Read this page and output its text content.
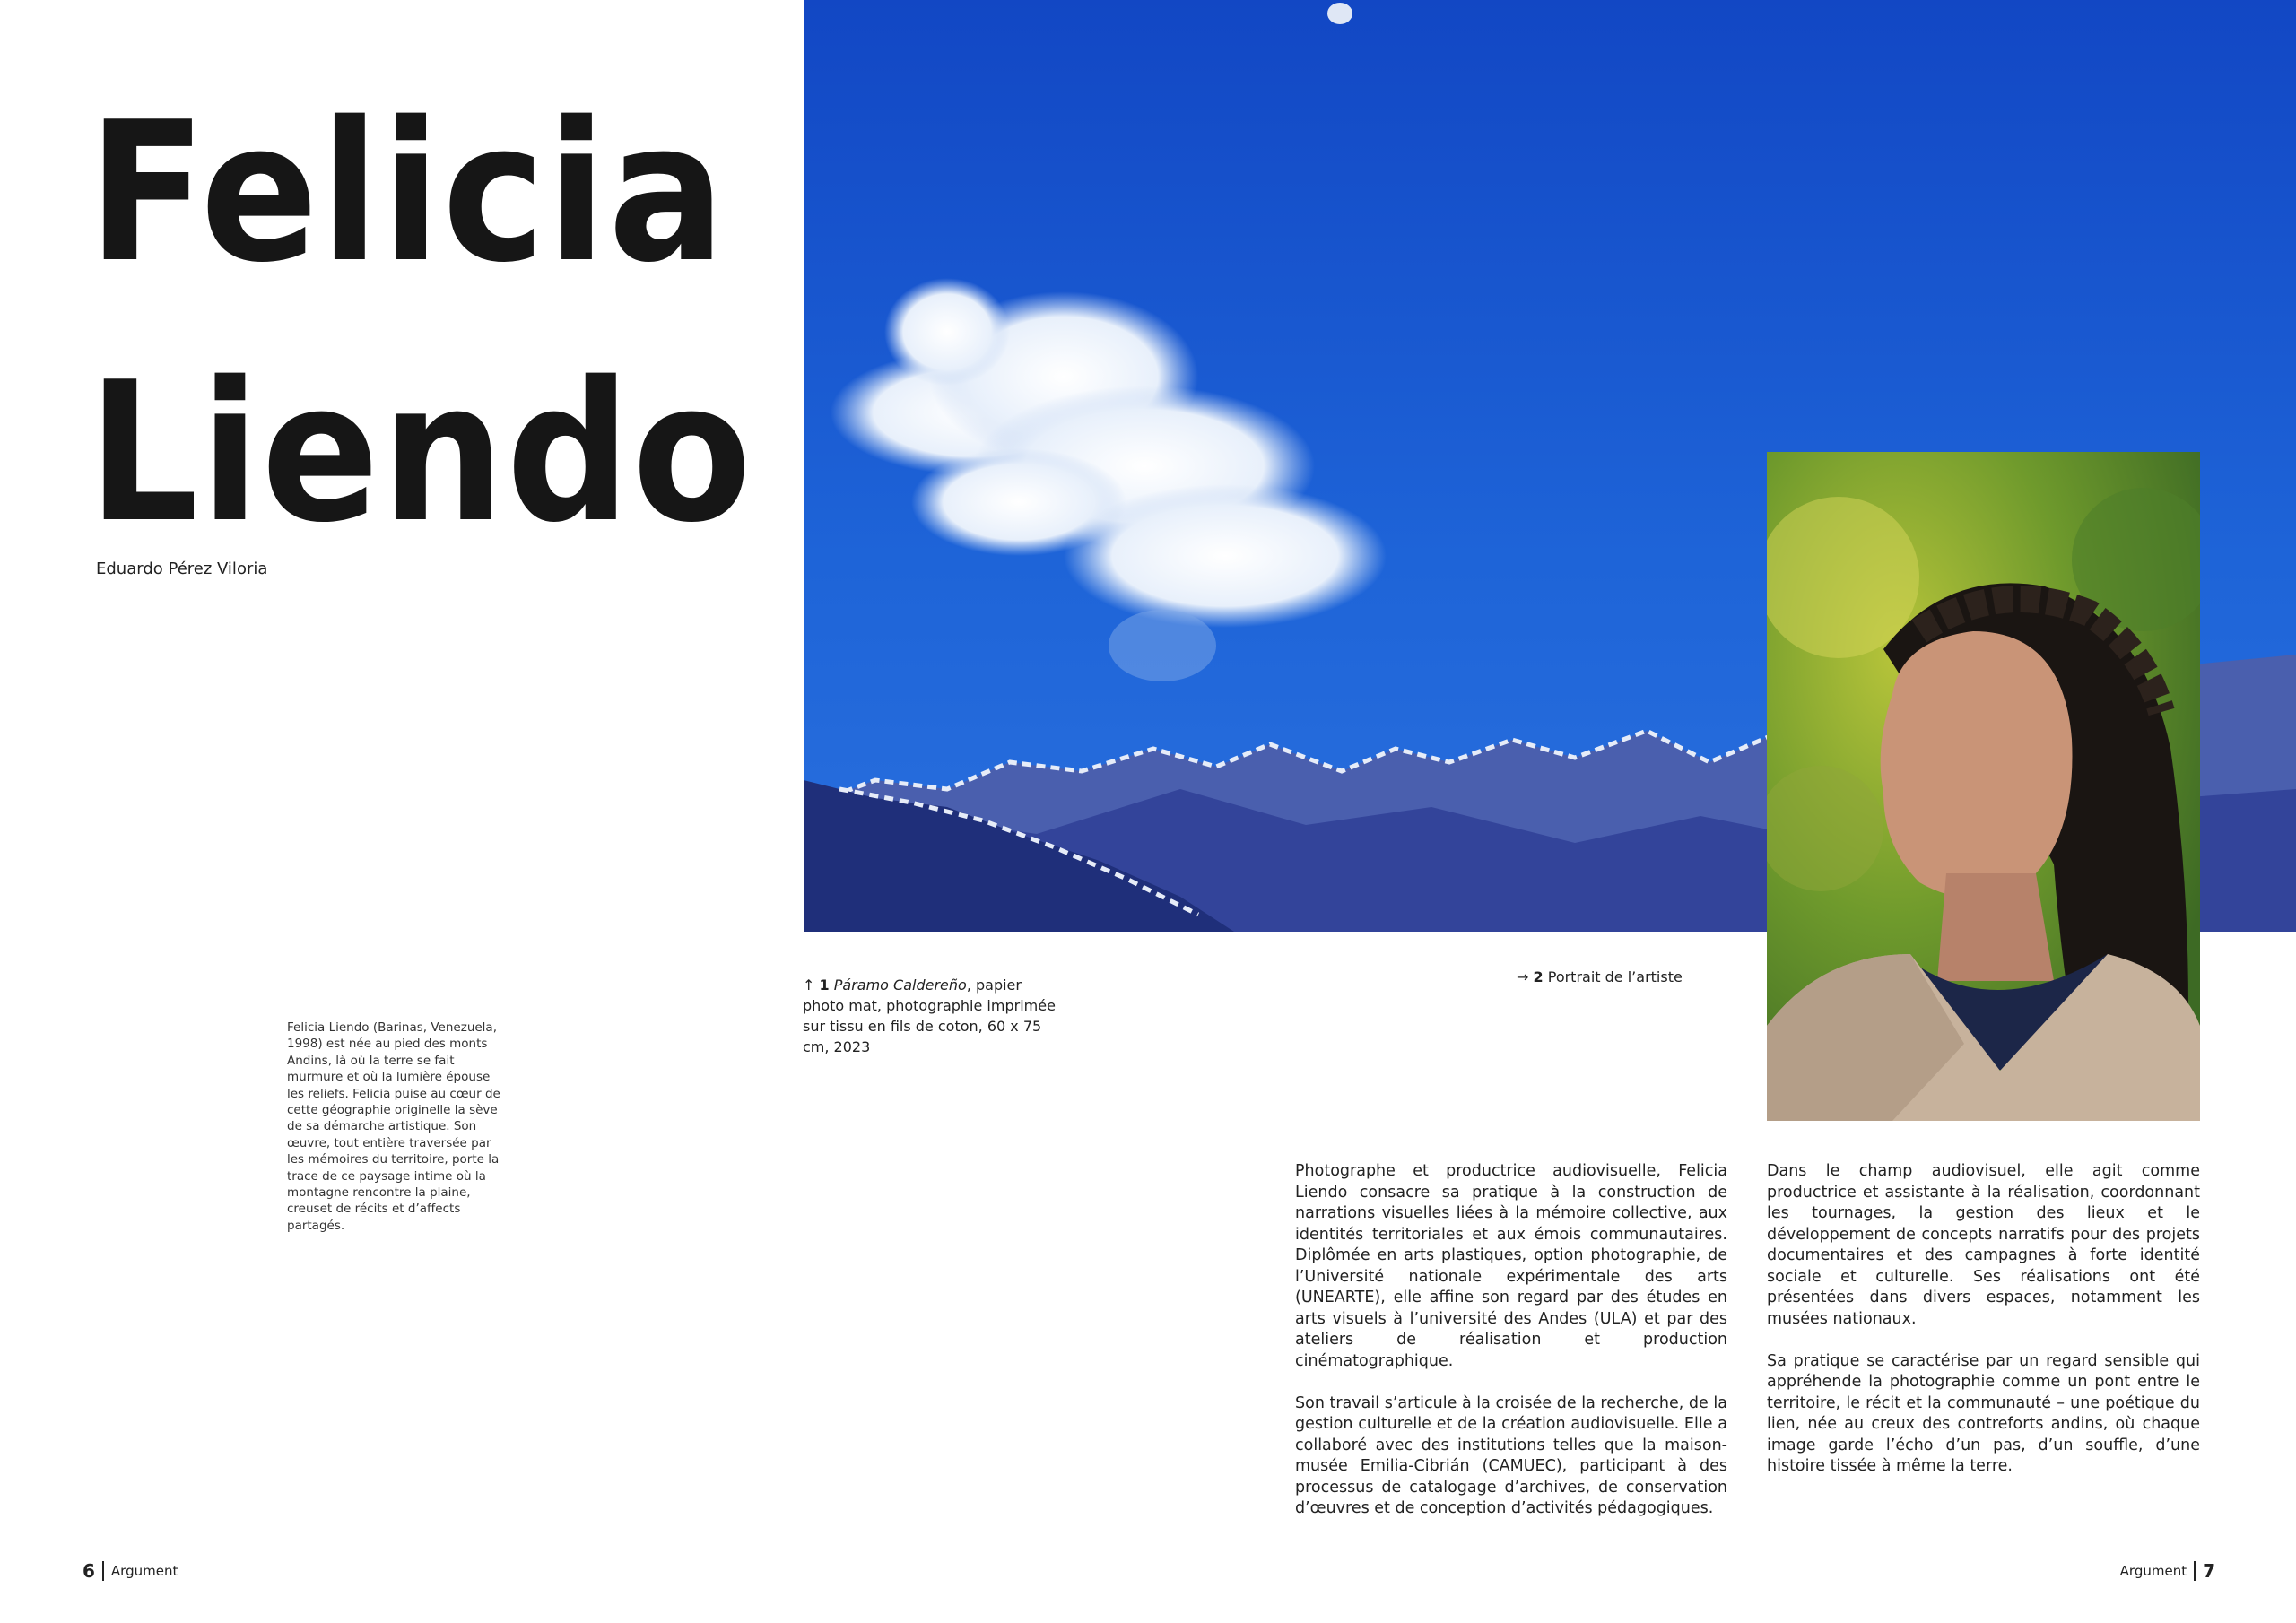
Felicia
Liendo
Eduardo Pérez Viloria

Felicia Liendo (Barinas, Venezuela, 1998) est née au pied des monts Andins, là où la terre se fait murmure et où la lumière épouse les reliefs. Felicia puise au cœur de cette géographie originelle la sève de sa démarche artistique. Son œuvre, tout entière traversée par les mémoires du territoire, porte la trace de ce paysage intime où la montagne rencontre la plaine, creuset de récits et d’affects partagés.

↑ 1 Páramo Caldereño, papier photo mat, photographie imprimée sur tissu en fils de coton, 60 x 75 cm, 2023

→ 2 Portrait de l’artiste

Photographe et productrice audiovisuelle, Felicia Liendo consacre sa pratique à la construction de narrations visuelles liées à la mémoire collective, aux identités territoriales et aux émois communautaires. Diplômée en arts plastiques, option photographie, de l’Université nationale expérimentale des arts (UNEARTE), elle affine son regard par des études en arts visuels à l’université des Andes (ULA) et par des ateliers de réalisation et production cinématographique.

Son travail s’articule à la croisée de la recherche, de la gestion culturelle et de la création audiovisuelle. Elle a collaboré avec des institutions telles que la maison-musée Emilia-Cibrián (CAMUEC), participant à des processus de catalogage d’archives, de conservation d’œuvres et de conception d’activités pédagogiques.

Dans le champ audiovisuel, elle agit comme productrice et assistante à la réalisation, coordonnant les tournages, la gestion des lieux et le développement de concepts narratifs pour des projets documentaires et des campagnes à forte identité sociale et culturelle. Ses réalisations ont été présentées dans divers espaces, notamment les musées nationaux.

Sa pratique se caractérise par un regard sensible qui appréhende la photographie comme un pont entre le territoire, le récit et la communauté – une poétique du lien, née au creux des contreforts andins, où chaque image garde l’écho d’un pas, d’un souffle, d’une histoire tissée à même la terre.

6 Argument	Argument 7
